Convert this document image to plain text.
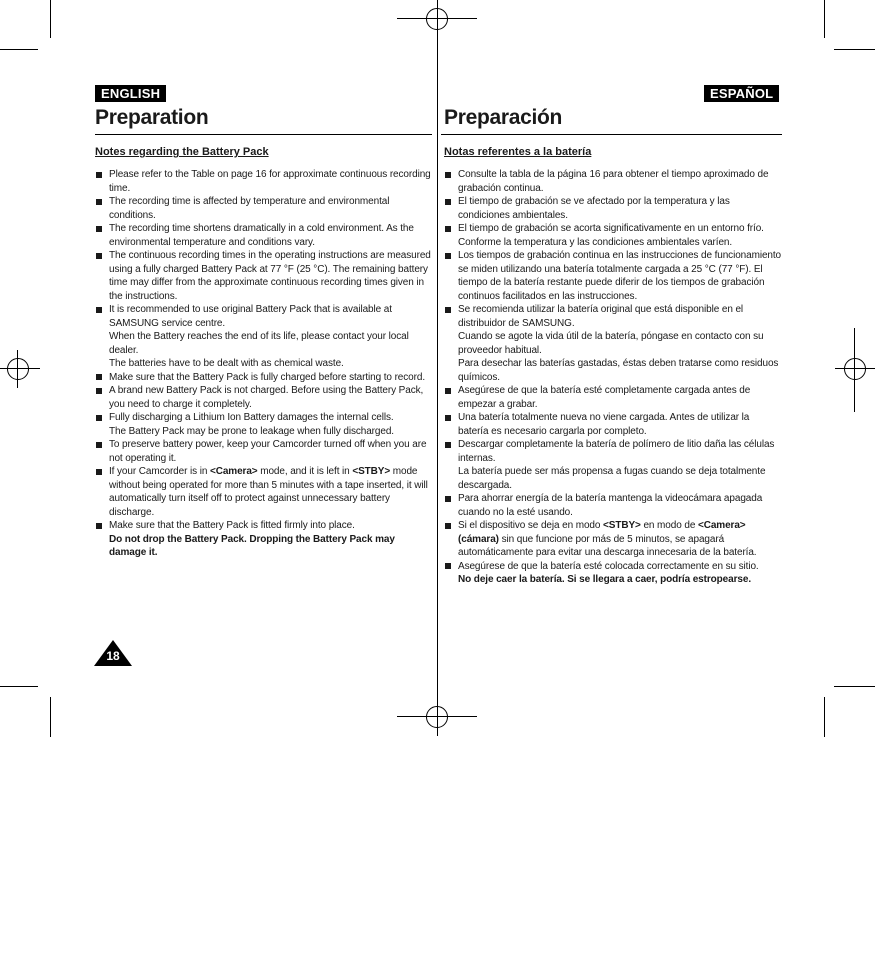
ENGLISH
Preparation
Notes regarding the Battery Pack
Please refer to the Table on page 16 for approximate continuous recording time.
The recording time is affected by temperature and environmental conditions.
The recording time shortens dramatically in a cold environment. As the environmental temperature and conditions vary.
The continuous recording times in the operating instructions are measured using a fully charged Battery Pack at 77 °F (25 °C). The remaining battery time may differ from the approximate continuous recording times given in the instructions.

It is recommended to use original Battery Pack that is available at SAMSUNG service centre.

When the Battery reaches the end of its life, please contact your local dealer.

The batteries have to be dealt with as chemical waste.

Make sure that the Battery Pack is fully charged before starting to record.
A brand new Battery Pack is not charged. Before using the Battery Pack, you need to charge it completely.

Fully discharging a Lithium Ion Battery damages the internal cells.

The Battery Pack may be prone to leakage when fully discharged.

To preserve battery power, keep your Camcorder turned off when you are not operating it.
If your Camcorder is in <Camera> mode, and it is left in <STBY> mode without being operated for more than 5 minutes with a tape inserted, it will automatically turn itself off to protect against unnecessary battery discharge.

Make sure that the Battery Pack is fitted firmly into place.

Do not drop the Battery Pack. Dropping the Battery Pack may damage it.

ESPAÑOL
Preparación
Notas referentes a la batería
Consulte la tabla de la página 16 para obtener el tiempo aproximado de grabación continua.
El tiempo de grabación se ve afectado por la temperatura y las condiciones ambientales.
El tiempo de grabación se acorta significativamente en un entorno frío. Conforme la temperatura y las condiciones ambientales varíen.
Los tiempos de grabación continua en las instrucciones de funcionamiento se miden utilizando una batería totalmente cargada a 25 °C (77 °F). El tiempo de la batería restante puede diferir de los tiempos de grabación continuos facilitados en las instrucciones.

Se recomienda utilizar la batería original que está disponible en el distribuidor de SAMSUNG.

Cuando se agote la vida útil de la batería, póngase en contacto con su proveedor habitual.

Para desechar las baterías gastadas, éstas deben tratarse como residuos químicos.

Asegúrese de que la batería esté completamente cargada antes de empezar a grabar.
Una batería totalmente nueva no viene cargada. Antes de utilizar la batería es necesario cargarla por completo.

Descargar completamente la batería de polímero de litio daña las células internas.

La batería puede ser más propensa a fugas cuando se deja totalmente descargada.

Para ahorrar energía de la batería mantenga la videocámara apagada cuando no la esté usando.
Si el dispositivo se deja en modo <STBY> en modo de <Camera> (cámara) sin que funcione por más de 5 minutos, se apagará automáticamente para evitar una descarga innecesaria de la batería.

Asegúrese de que la batería esté colocada correctamente en su sitio.

No deje caer la batería. Si se llegara a caer, podría estropearse.

18
